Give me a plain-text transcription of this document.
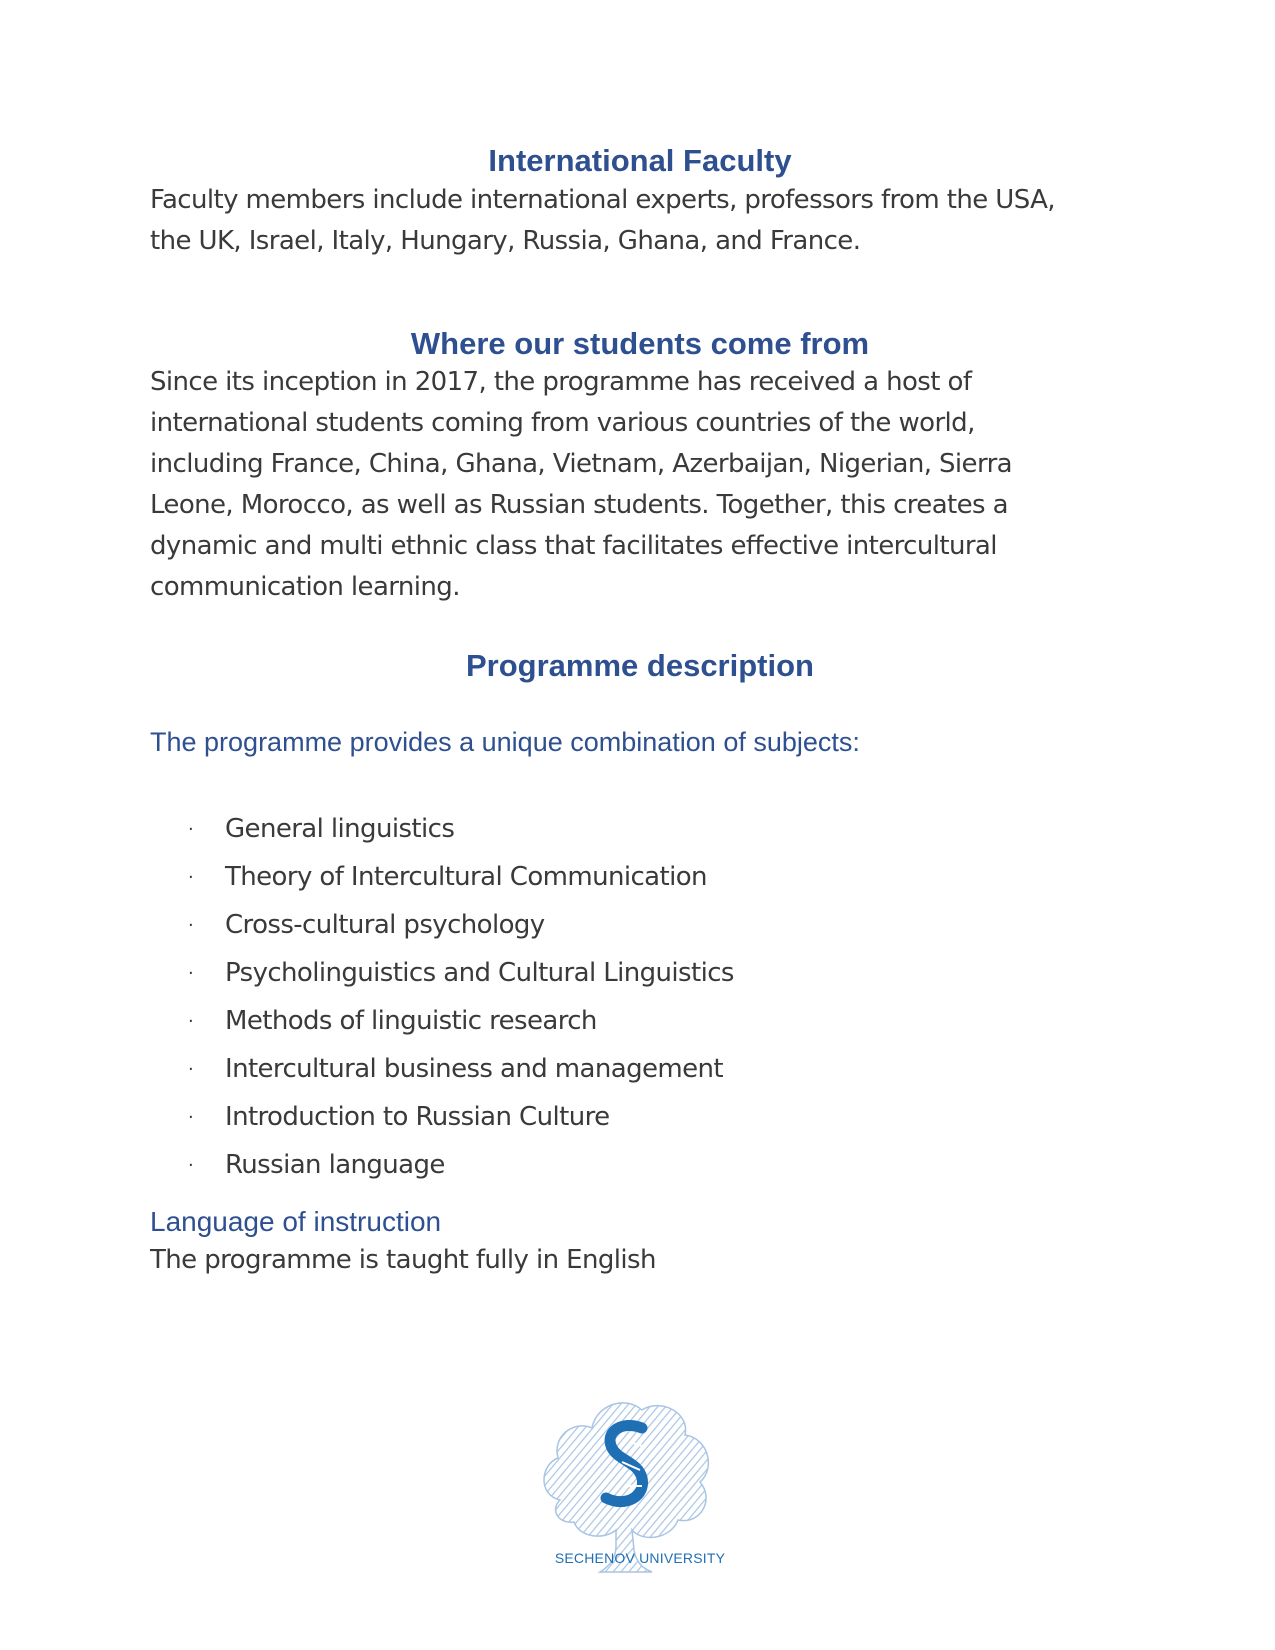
International Faculty

Faculty members include international experts, professors from the USA,
the UK, Israel, Italy, Hungary, Russia, Ghana, and France.

Where our students come from

Since its inception in 2017, the programme has received a host of
international students coming from various countries of the world,
including France, China, Ghana, Vietnam, Azerbaijan, Nigerian, Sierra
Leone, Morocco, as well as Russian students. Together, this creates a
dynamic and multi ethnic class that facilitates effective intercultural
communication learning.

Programme description

The programme provides a unique combination of subjects:

·	General linguistics
·	Theory of Intercultural Communication
·	Cross-cultural psychology
·	Psycholinguistics and Cultural Linguistics
·	Methods of linguistic research
·	Intercultural business and management
·	Introduction to Russian Culture
·	Russian language

Language of instruction

The programme is taught fully in English

SECHENOV UNIVERSITY
